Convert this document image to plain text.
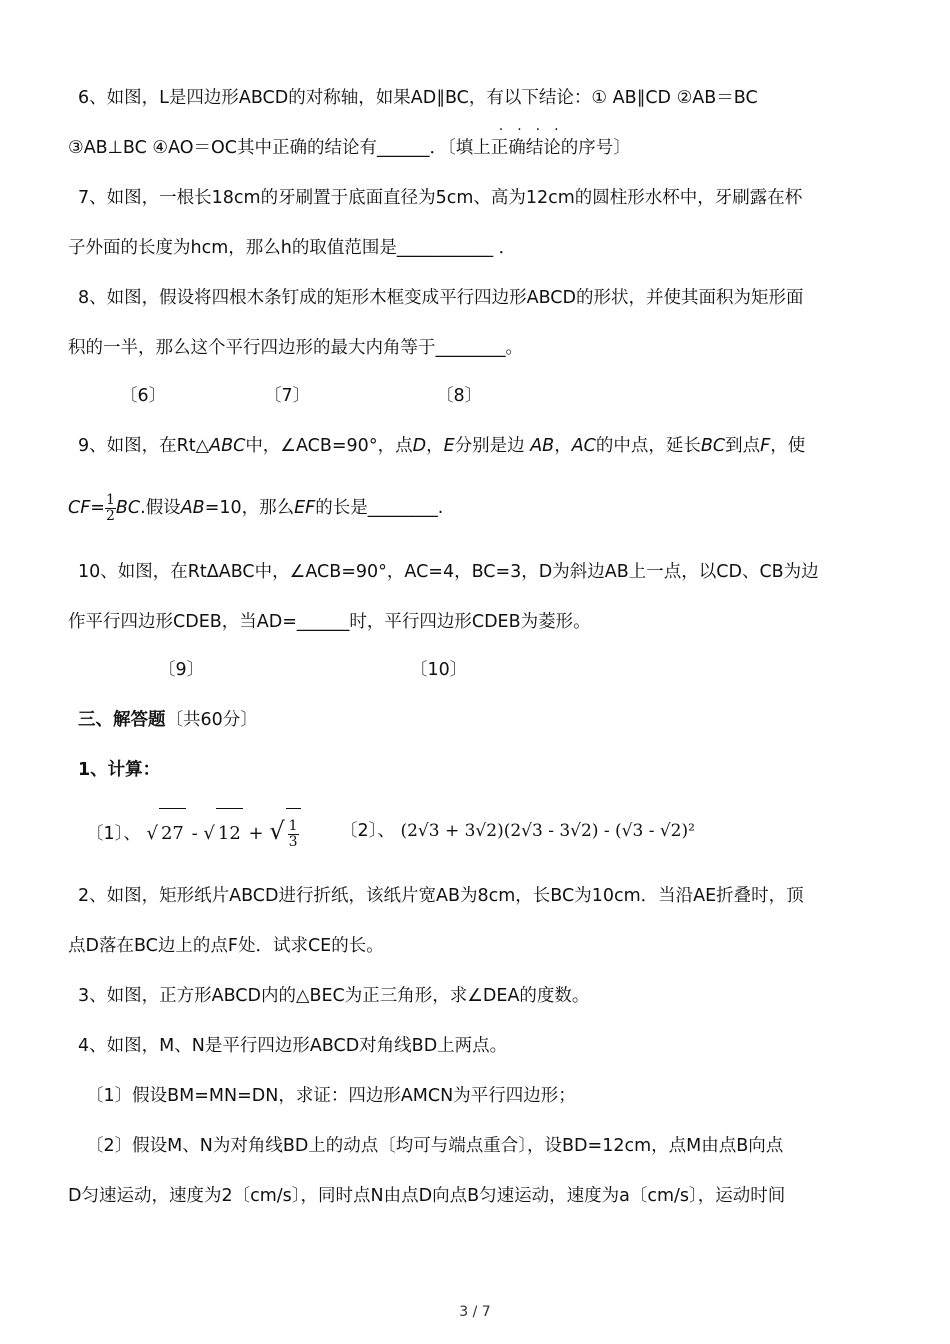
6、如图，L是四边形ABCD的对称轴，如果AD∥BC，有以下结论：① AB∥CD ②AB＝BC
③AB⊥BC ④AO＝OC其中正确的结论有______．〔填上
····
正确结论的序号〕
7、如图，一根长18cm的牙刷置于底面直径为5cm、高为12cm的圆柱形水杯中，牙刷露在杯
子外面的长度为hcm，那么h的取值范围是___________ ．
8、如图，假设将四根木条钉成的矩形木框变成平行四边形ABCD的形状，并使其面积为矩形面
积的一半，那么这个平行四边形的最大内角等于________。
〔6〕	〔7〕	〔8〕
9、如图，在Rt△ABC中，∠ACB=90°，点D，E分别是边 AB，AC的中点，延长BC到点F，使
$CF= \frac{1}{2}$ BC.假设AB=10，那么EF的长是________.
10、如图，在RtΔABC中，∠ACB=90°，AC=4，BC=3，D为斜边AB上一点，以CD、CB为边
作平行四边形CDEB，当AD=______时，平行四边形CDEB为菱形。
〔9〕	〔10〕
三、解答题〔共60分〕
1、计算：
〔1〕、 √ 27 - √ 12 + √ $\frac{1}{3}$ 〔2〕、 (2√3 + 3√2)(2√3 - 3√2) - (√3 - √2)²
2、如图，矩形纸片ABCD进行折纸，该纸片宽AB为8cm，长BC为10cm．当沿AE折叠时，顶
点D落在BC边上的点F处．试求CE的长。
3、如图，正方形ABCD内的△BEC为正三角形，求∠DEA的度数。
4、如图，M、N是平行四边形ABCD对角线BD上两点。
〔1〕假设BM=MN=DN，求证：四边形AMCN为平行四边形；
〔2〕假设M、N为对角线BD上的动点〔均可与端点重合〕，设BD=12cm，点M由点B向点
D匀速运动，速度为2〔cm/s〕，同时点N由点D向点B匀速运动，速度为a〔cm/s〕，运动时间
3 / 7
